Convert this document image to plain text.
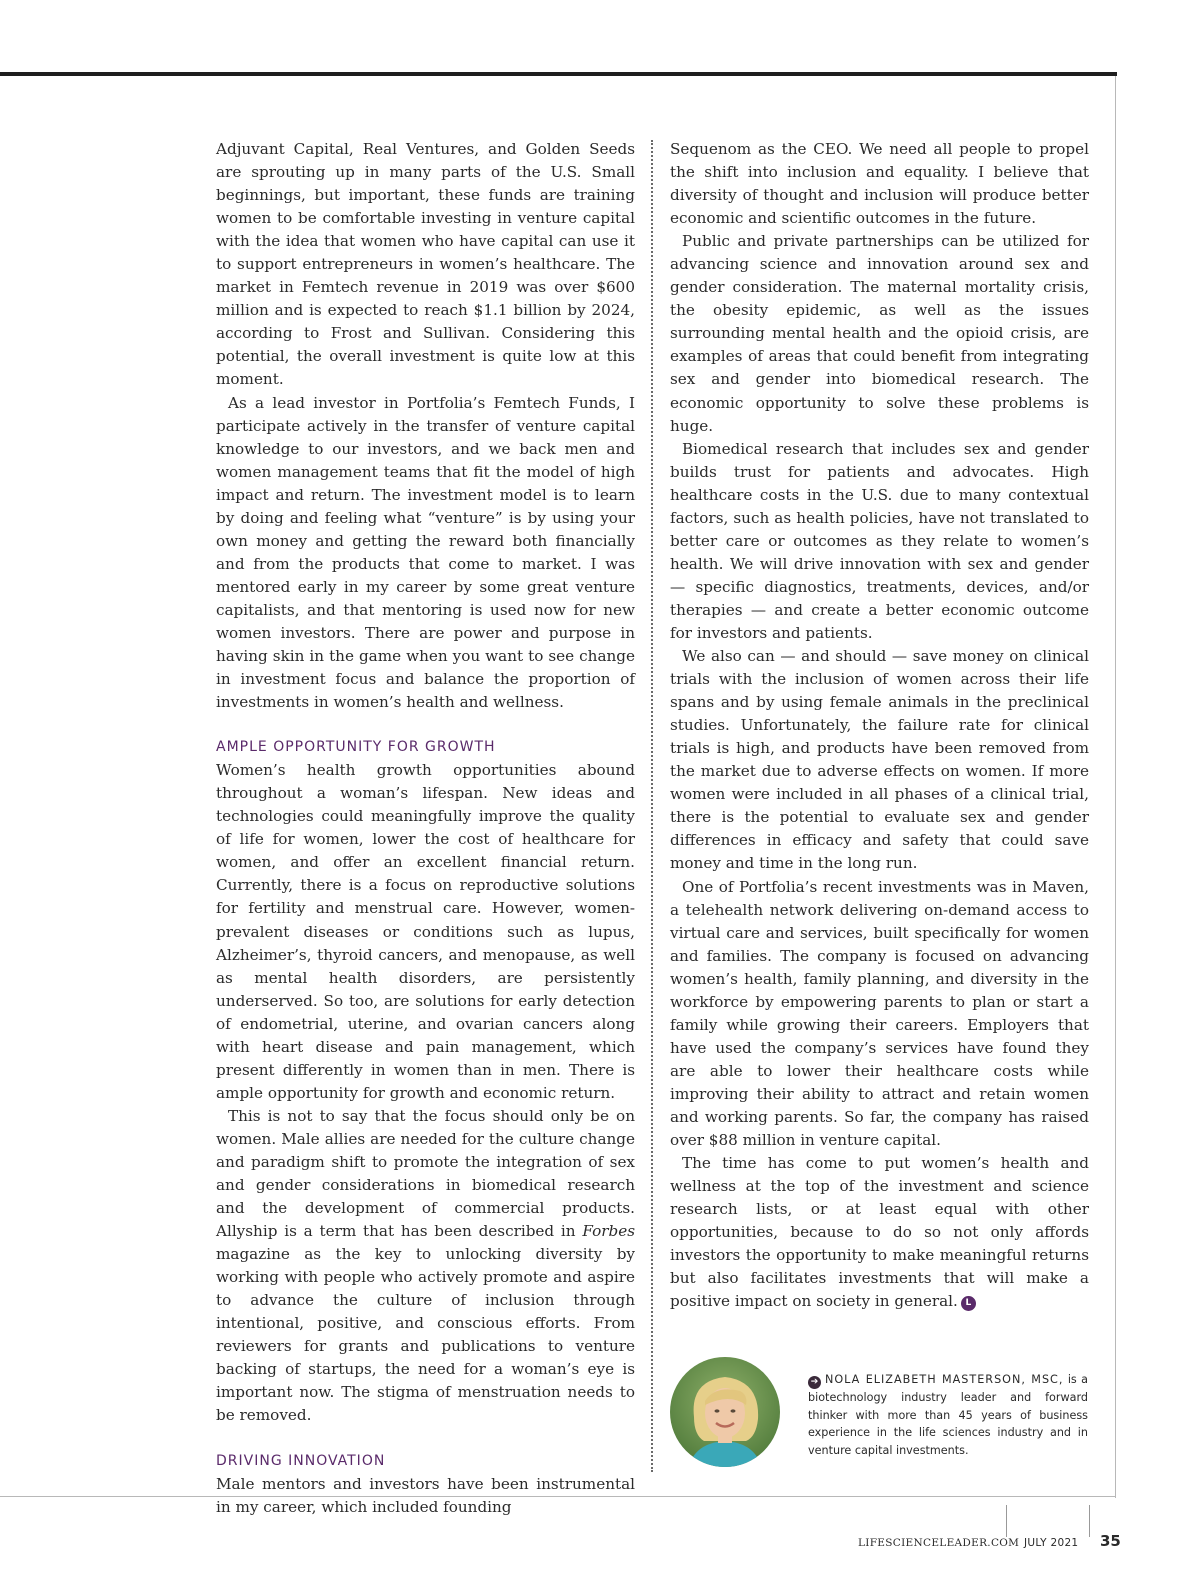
Adjuvant Capital, Real Ventures, and Golden Seeds are sprouting up in many parts of the U.S. Small beginnings, but important, these funds are training women to be comfortable investing in venture capital with the idea that women who have capital can use it to support entrepreneurs in women’s healthcare. The market in Femtech revenue in 2019 was over $600 million and is expected to reach $1.1 billion by 2024, according to Frost and Sullivan. Considering this potential, the overall investment is quite low at this moment.

As a lead investor in Portfolia’s Femtech Funds, I participate actively in the transfer of venture capital knowledge to our investors, and we back men and women management teams that fit the model of high impact and return. The investment model is to learn by doing and feeling what “venture” is by using your own money and getting the reward both financially and from the products that come to market. I was mentored early in my career by some great venture capitalists, and that mentoring is used now for new women investors. There are power and purpose in having skin in the game when you want to see change in investment focus and balance the proportion of investments in women’s health and wellness.

AMPLE OPPORTUNITY FOR GROWTH

Women’s health growth opportunities abound throughout a woman’s lifespan. New ideas and technologies could meaningfully improve the quality of life for women, lower the cost of healthcare for women, and offer an excellent financial return. Currently, there is a focus on reproductive solutions for fertility and menstrual care. However, women-prevalent diseases or conditions such as lupus, Alzheimer’s, thyroid cancers, and menopause, as well as mental health disorders, are persistently underserved. So too, are solutions for early detection of endometrial, uterine, and ovarian cancers along with heart disease and pain management, which present differently in women than in men. There is ample opportunity for growth and economic return.

This is not to say that the focus should only be on women. Male allies are needed for the culture change and paradigm shift to promote the integration of sex and gender considerations in biomedical research and the development of commercial products. Allyship is a term that has been described in Forbes magazine as the key to unlocking diversity by working with people who actively promote and aspire to advance the culture of inclusion through intentional, positive, and conscious efforts. From reviewers for grants and publications to venture backing of startups, the need for a woman’s eye is important now. The stigma of menstruation needs to be removed.

DRIVING INNOVATION

Male mentors and investors have been instrumental in my career, which included founding

Sequenom as the CEO. We need all people to propel the shift into inclusion and equality. I believe that diversity of thought and inclusion will produce better economic and scientific outcomes in the future.

Public and private partnerships can be utilized for advancing science and innovation around sex and gender consideration. The maternal mortality crisis, the obesity epidemic, as well as the issues surrounding mental health and the opioid crisis, are examples of areas that could benefit from integrating sex and gender into biomedical research. The economic opportunity to solve these problems is huge.

Biomedical research that includes sex and gender builds trust for patients and advocates. High healthcare costs in the U.S. due to many contextual factors, such as health policies, have not translated to better care or outcomes as they relate to women’s health. We will drive innovation with sex and gender — specific diagnostics, treatments, devices, and/or therapies — and create a better economic outcome for investors and patients.

We also can — and should — save money on clinical trials with the inclusion of women across their life spans and by using female animals in the preclinical studies. Unfortunately, the failure rate for clinical trials is high, and products have been removed from the market due to adverse effects on women. If more women were included in all phases of a clinical trial, there is the potential to evaluate sex and gender differences in efficacy and safety that could save money and time in the long run.

One of Portfolia’s recent investments was in Maven, a telehealth network delivering on-demand access to virtual care and services, built specifically for women and families. The company is focused on advancing women’s health, family planning, and diversity in the workforce by empowering parents to plan or start a family while growing their careers. Employers that have used the company’s services have found they are able to lower their healthcare costs while improving their ability to attract and retain women and working parents. So far, the company has raised over $88 million in venture capital.

The time has come to put women’s health and wellness at the top of the investment and science research lists, or at least equal with other opportunities, because to do so not only affords investors the opportunity to make meaningful returns but also facilitates investments that will make a positive impact on society in general. L

➔ NOLA ELIZABETH MASTERSON, MSC, is a biotechnology industry leader and forward thinker with more than 45 years of business experience in the life sciences industry and in venture capital investments.
LIFESCIENCELEADER.COM JULY 2021 35
